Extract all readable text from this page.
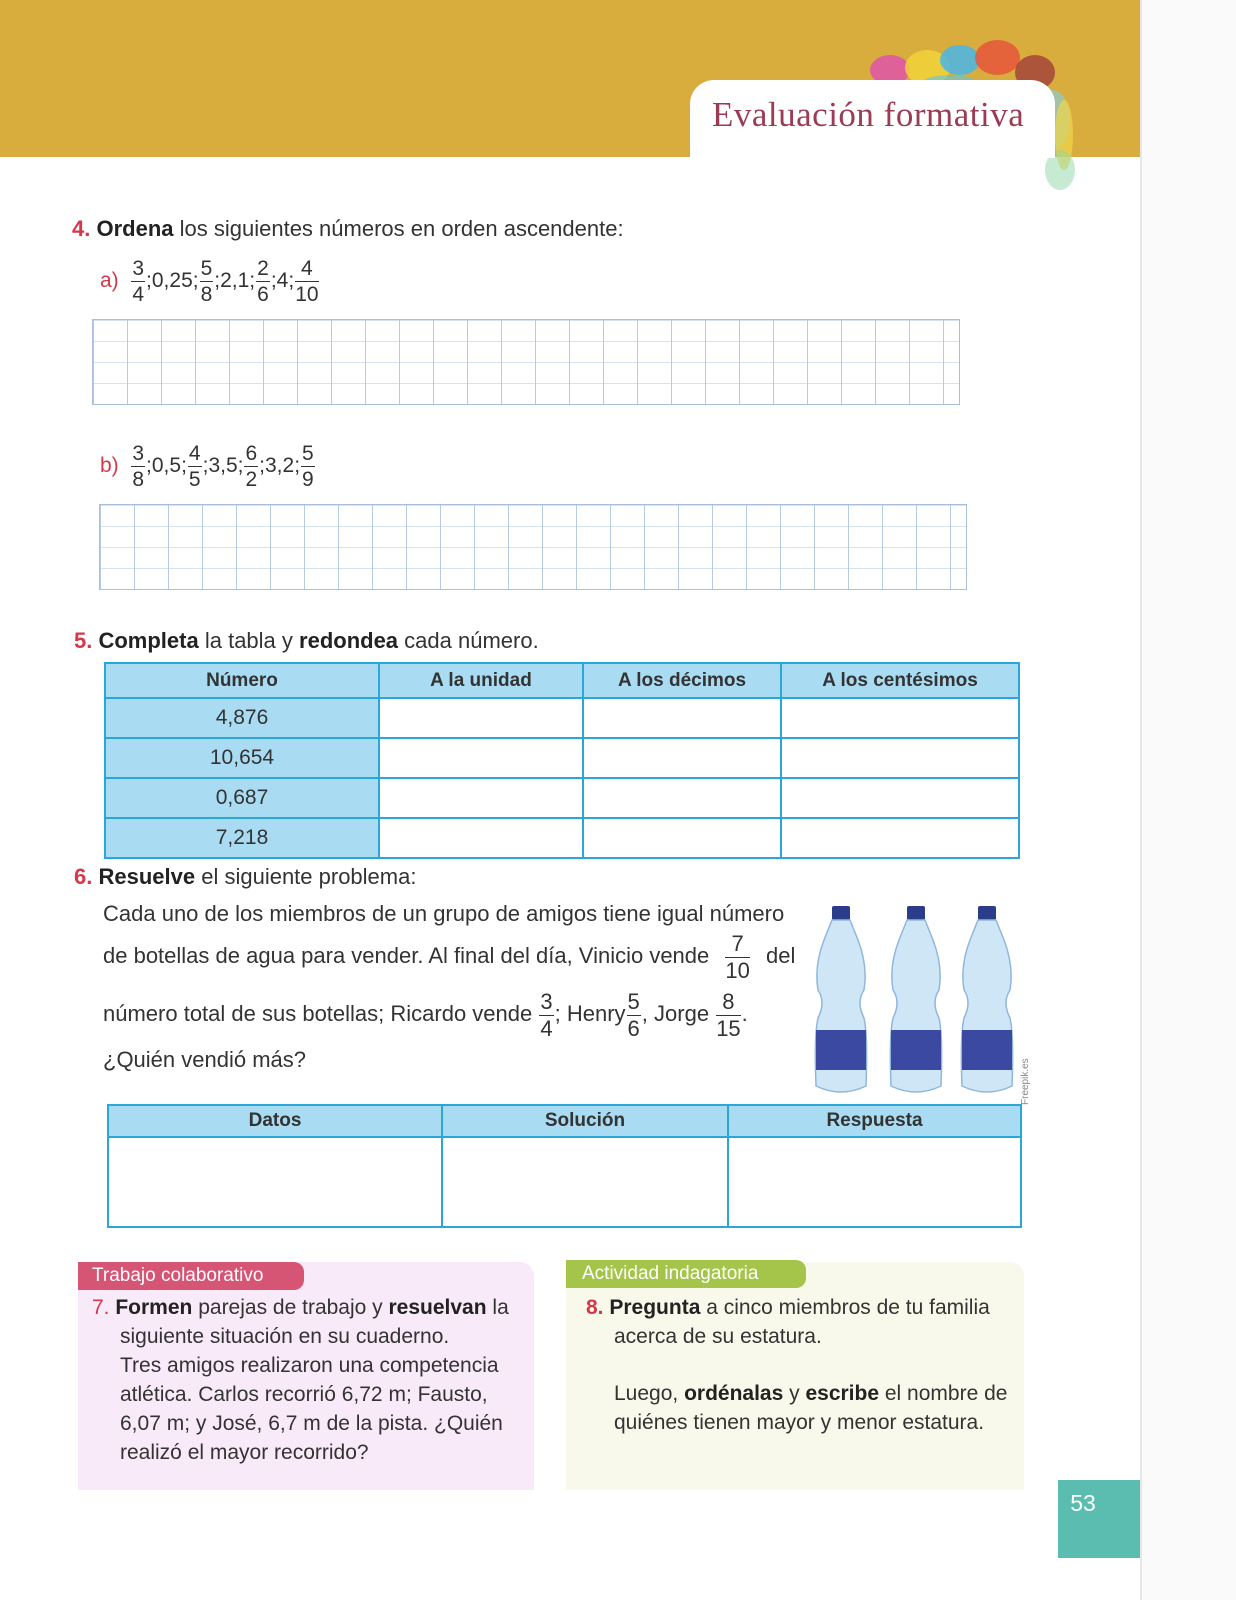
Evaluación formativa
4. Ordena los siguientes números en orden ascendente:
$a) \frac{3}{4}$ ;0,25; $\frac{5}{8}$ ;2,1; $\frac{2}{6}$ ;4; $\frac{4}{10}$
$b) \frac{3}{8}$ ;0,5; $\frac{4}{5}$ ;3,5; $\frac{6}{2}$ ;3,2; $\frac{5}{9}$
5. Completa la tabla y redondea cada número.
Número	A la unidad	A los décimos	A los centésimos
4,876			
10,654			
0,687			
7,218			
6. Resuelve el siguiente problema:
Cada uno de los miembros de un grupo de amigos tiene igual número
de botellas de agua para vender. Al final del día, Vinicio vende $\frac{7}{10}$ del
número total de sus botellas; Ricardo vende $\frac{3}{4}$ ; Henry $\frac{5}{6}$ , Jorge $\frac{8}{15}$ .
¿Quién vendió más?	Freepik.es
Datos	Solución	Respuesta

Trabajo colaborativo
7. Formen parejas de trabajo y resuelvan la
siguiente situación en su cuaderno.
Tres amigos realizaron una competencia
atlética. Carlos recorrió 6,72 m; Fausto,
6,07 m; y José, 6,7 m de la pista. ¿Quién
realizó el mayor recorrido?
Actividad indagatoria
8. Pregunta a cinco miembros de tu familia
acerca de su estatura.
Luego, ordénalas y escribe el nombre de
quiénes tienen mayor y menor estatura.
53
